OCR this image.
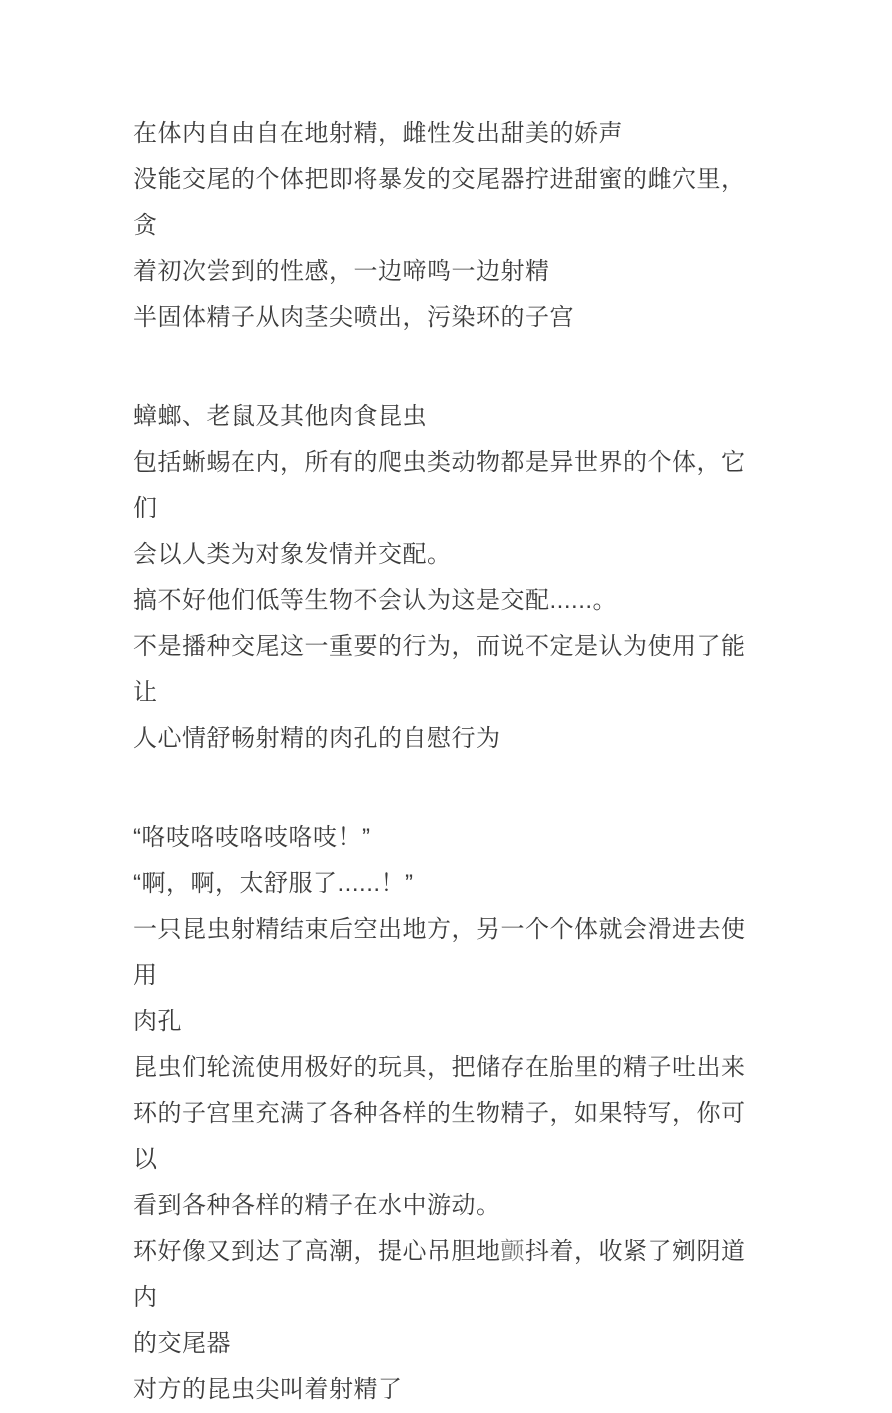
在体内自由自在地射精，雌性发出甜美的娇声
没能交尾的个体把即将暴发的交尾器拧进甜蜜的雌穴里，贪
着初次尝到的性感，一边啼鸣一边射精
半固体精子从肉茎尖喷出，污染环的子宫
蟑螂、老鼠及其他肉食昆虫
包括蜥蜴在内，所有的爬虫类动物都是异世界的个体，它们
会以人类为对象发情并交配。
搞不好他们低等生物不会认为这是交配......。
不是播种交尾这一重要的行为，而说不定是认为使用了能让
人心情舒畅射精的肉孔的自慰行为
“咯吱咯吱咯吱咯吱！”
“啊，啊，太舒服了......！”
一只昆虫射精结束后空出地方，另一个个体就会滑进去使用
肉孔
昆虫们轮流使用极好的玩具，把储存在胎里的精子吐出来
环的子宫里充满了各种各样的生物精子，如果特写，你可以
看到各种各样的精子在水中游动。
环好像又到达了高潮，提心吊胆地颤抖着，收紧了剜阴道内
的交尾器
对方的昆虫尖叫着射精了
